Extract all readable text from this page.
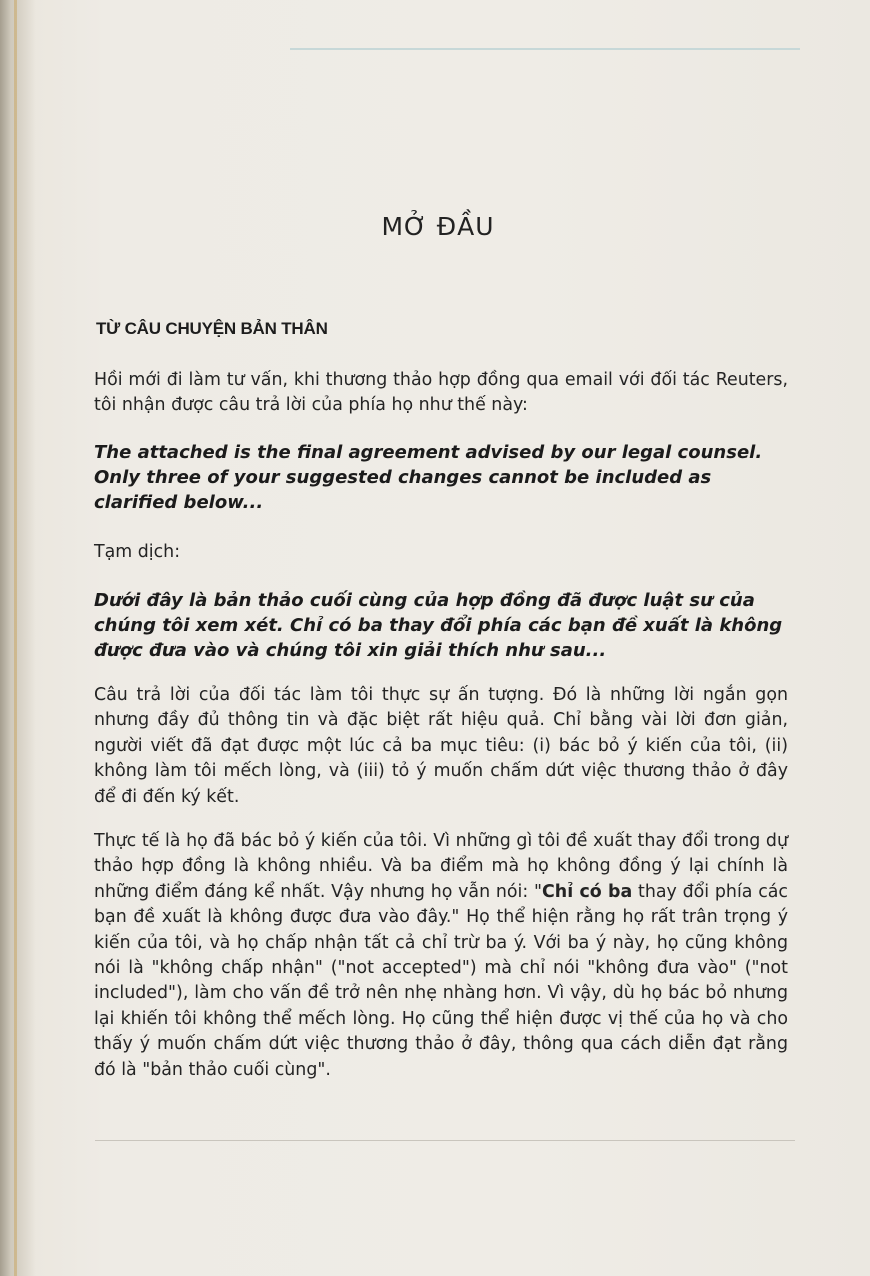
MỞ ĐẦU
TỪ CÂU CHUYỆN BẢN THÂN

Hồi mới đi làm tư vấn, khi thương thảo hợp đồng qua email với đối tác Reuters, tôi nhận được câu trả lời của phía họ như thế này:

The attached is the final agreement advised by our legal counsel. Only three of your suggested changes cannot be included as clarified below...

Tạm dịch:

Dưới đây là bản thảo cuối cùng của hợp đồng đã được luật sư của chúng tôi xem xét. Chỉ có ba thay đổi phía các bạn đề xuất là không được đưa vào và chúng tôi xin giải thích như sau...

Câu trả lời của đối tác làm tôi thực sự ấn tượng. Đó là những lời ngắn gọn nhưng đầy đủ thông tin và đặc biệt rất hiệu quả. Chỉ bằng vài lời đơn giản, người viết đã đạt được một lúc cả ba mục tiêu: (i) bác bỏ ý kiến của tôi, (ii) không làm tôi mếch lòng, và (iii) tỏ ý muốn chấm dứt việc thương thảo ở đây để đi đến ký kết.

Thực tế là họ đã bác bỏ ý kiến của tôi. Vì những gì tôi đề xuất thay đổi trong dự thảo hợp đồng là không nhiều. Và ba điểm mà họ không đồng ý lại chính là những điểm đáng kể nhất. Vậy nhưng họ vẫn nói: "Chỉ có ba thay đổi phía các bạn đề xuất là không được đưa vào đây." Họ thể hiện rằng họ rất trân trọng ý kiến của tôi, và họ chấp nhận tất cả chỉ trừ ba ý. Với ba ý này, họ cũng không nói là "không chấp nhận" ("not accepted") mà chỉ nói "không đưa vào" ("not included"), làm cho vấn đề trở nên nhẹ nhàng hơn. Vì vậy, dù họ bác bỏ nhưng lại khiến tôi không thể mếch lòng. Họ cũng thể hiện được vị thế của họ và cho thấy ý muốn chấm dứt việc thương thảo ở đây, thông qua cách diễn đạt rằng đó là "bản thảo cuối cùng".
